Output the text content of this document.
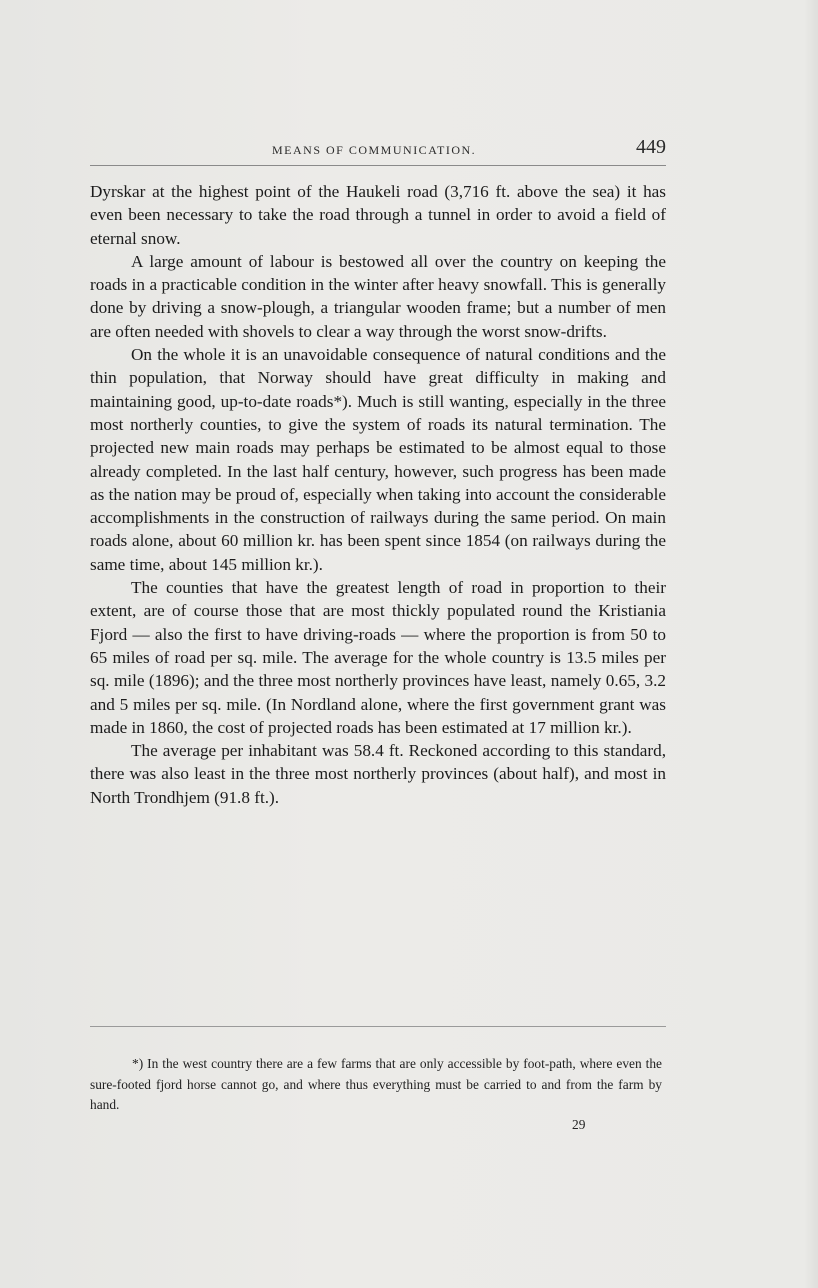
MEANS OF COMMUNICATION.	449

Dyrskar at the highest point of the Haukeli road (3,716 ft. above the sea) it has even been necessary to take the road through a tunnel in order to avoid a field of eternal snow.

A large amount of labour is bestowed all over the country on keeping the roads in a practicable condition in the winter after heavy snowfall. This is generally done by driving a snow-plough, a triangular wooden frame; but a number of men are often needed with shovels to clear a way through the worst snow-drifts.

On the whole it is an unavoidable consequence of natural conditions and the thin population, that Norway should have great difficulty in making and maintaining good, up-to-date roads*). Much is still wanting, especially in the three most northerly counties, to give the system of roads its natural termination. The projected new main roads may perhaps be estimated to be almost equal to those already completed. In the last half century, however, such progress has been made as the nation may be proud of, especially when taking into account the considerable accomplishments in the construction of railways during the same period. On main roads alone, about 60 million kr. has been spent since 1854 (on railways during the same time, about 145 million kr.).

The counties that have the greatest length of road in proportion to their extent, are of course those that are most thickly populated round the Kristiania Fjord — also the first to have driving-roads — where the proportion is from 50 to 65 miles of road per sq. mile. The average for the whole country is 13.5 miles per sq. mile (1896); and the three most northerly provinces have least, namely 0.65, 3.2 and 5 miles per sq. mile. (In Nordland alone, where the first government grant was made in 1860, the cost of projected roads has been estimated at 17 million kr.).

The average per inhabitant was 58.4 ft. Reckoned according to this standard, there was also least in the three most northerly provinces (about half), and most in North Trondhjem (91.8 ft.).

*) In the west country there are a few farms that are only accessible by foot-path, where even the sure-footed fjord horse cannot go, and where thus everything must be carried to and from the farm by hand.

29
